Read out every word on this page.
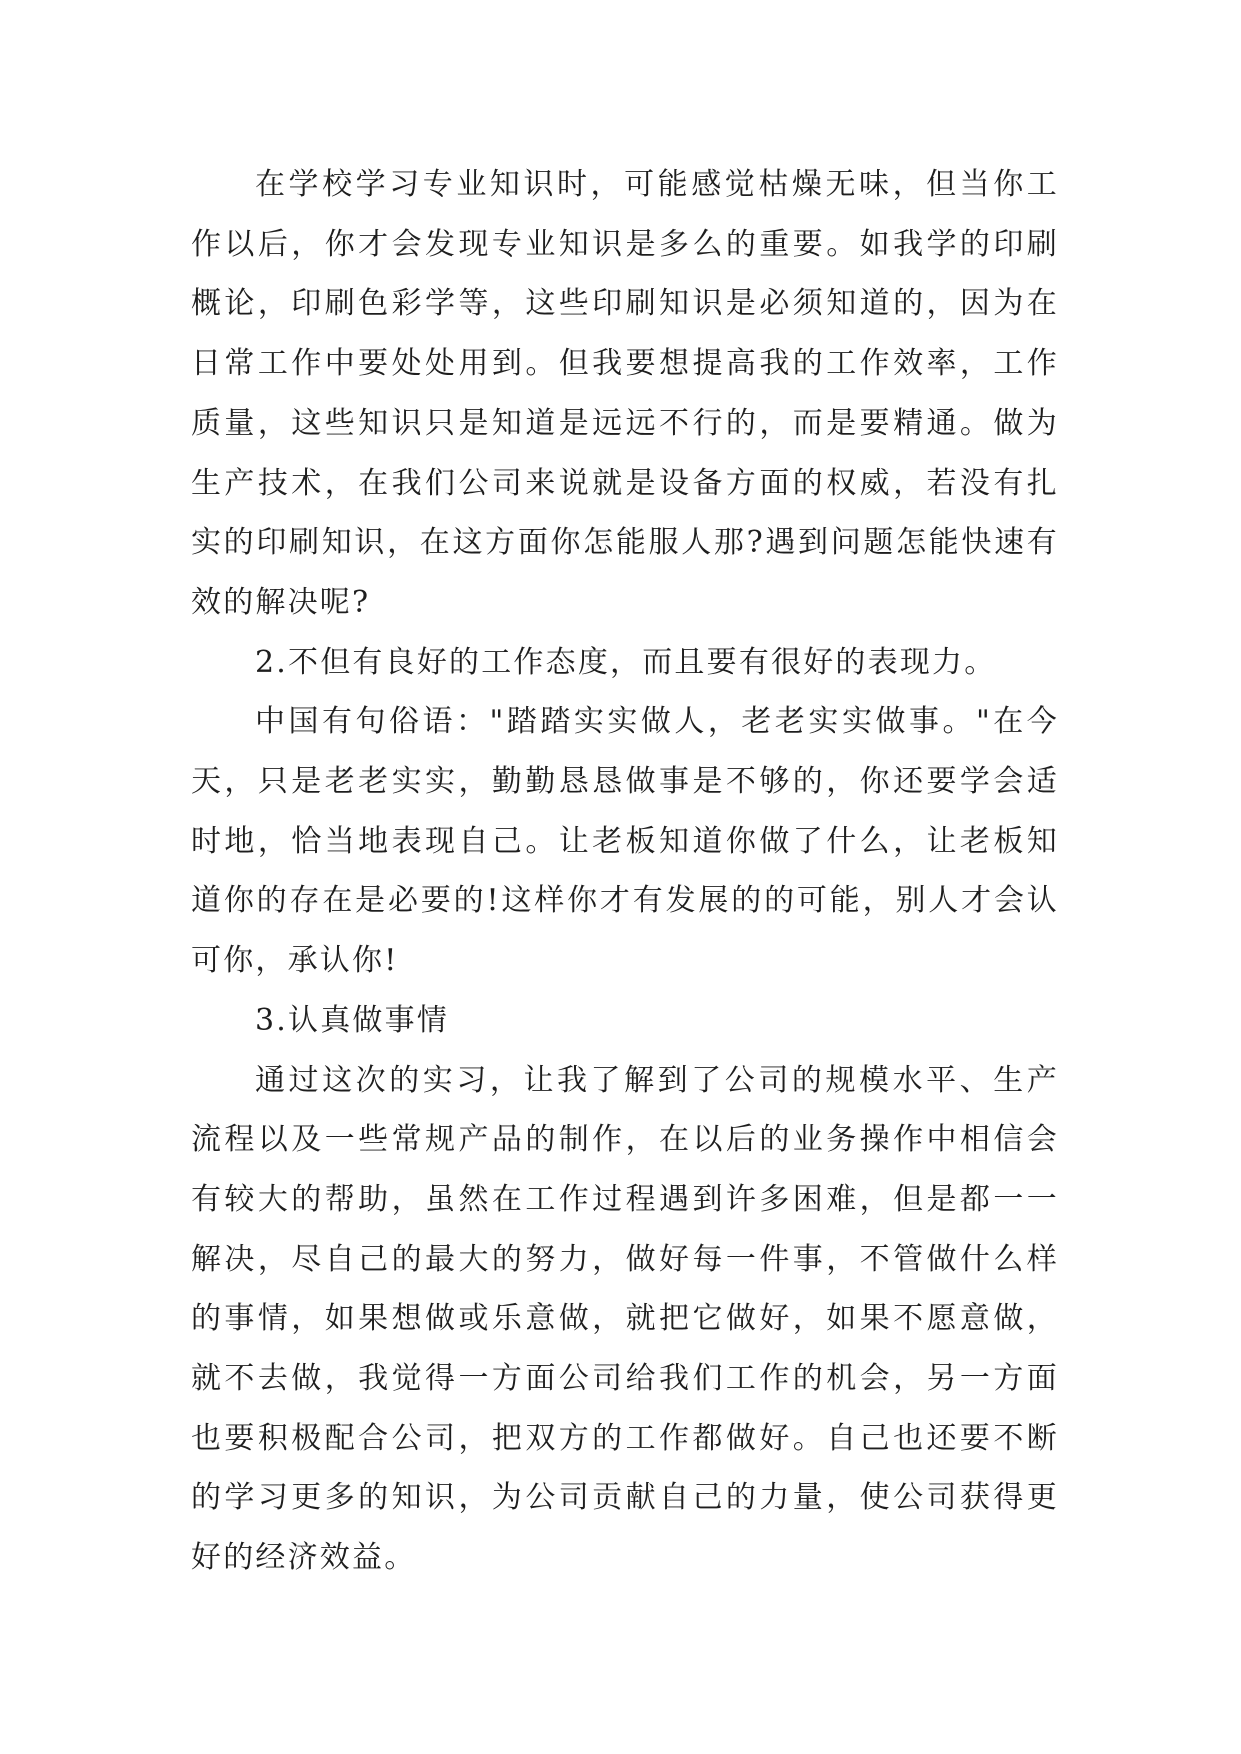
在学校学习专业知识时，可能感觉枯燥无味，但当你工作以后，你才会发现专业知识是多么的重要。如我学的印刷概论，印刷色彩学等，这些印刷知识是必须知道的，因为在日常工作中要处处用到。但我要想提高我的工作效率，工作质量，这些知识只是知道是远远不行的，而是要精通。做为生产技术，在我们公司来说就是设备方面的权威，若没有扎实的印刷知识，在这方面你怎能服人那?遇到问题怎能快速有效的解决呢?

2.不但有良好的工作态度，而且要有很好的表现力。

中国有句俗语："踏踏实实做人，老老实实做事。"在今天，只是老老实实，勤勤恳恳做事是不够的，你还要学会适时地，恰当地表现自己。让老板知道你做了什么，让老板知道你的存在是必要的!这样你才有发展的的可能，别人才会认可你，承认你!

3.认真做事情

通过这次的实习，让我了解到了公司的规模水平、生产流程以及一些常规产品的制作，在以后的业务操作中相信会有较大的帮助，虽然在工作过程遇到许多困难，但是都一一解决，尽自己的最大的努力，做好每一件事，不管做什么样的事情，如果想做或乐意做，就把它做好，如果不愿意做，就不去做，我觉得一方面公司给我们工作的机会，另一方面也要积极配合公司，把双方的工作都做好。自己也还要不断的学习更多的知识，为公司贡献自己的力量，使公司获得更好的经济效益。
